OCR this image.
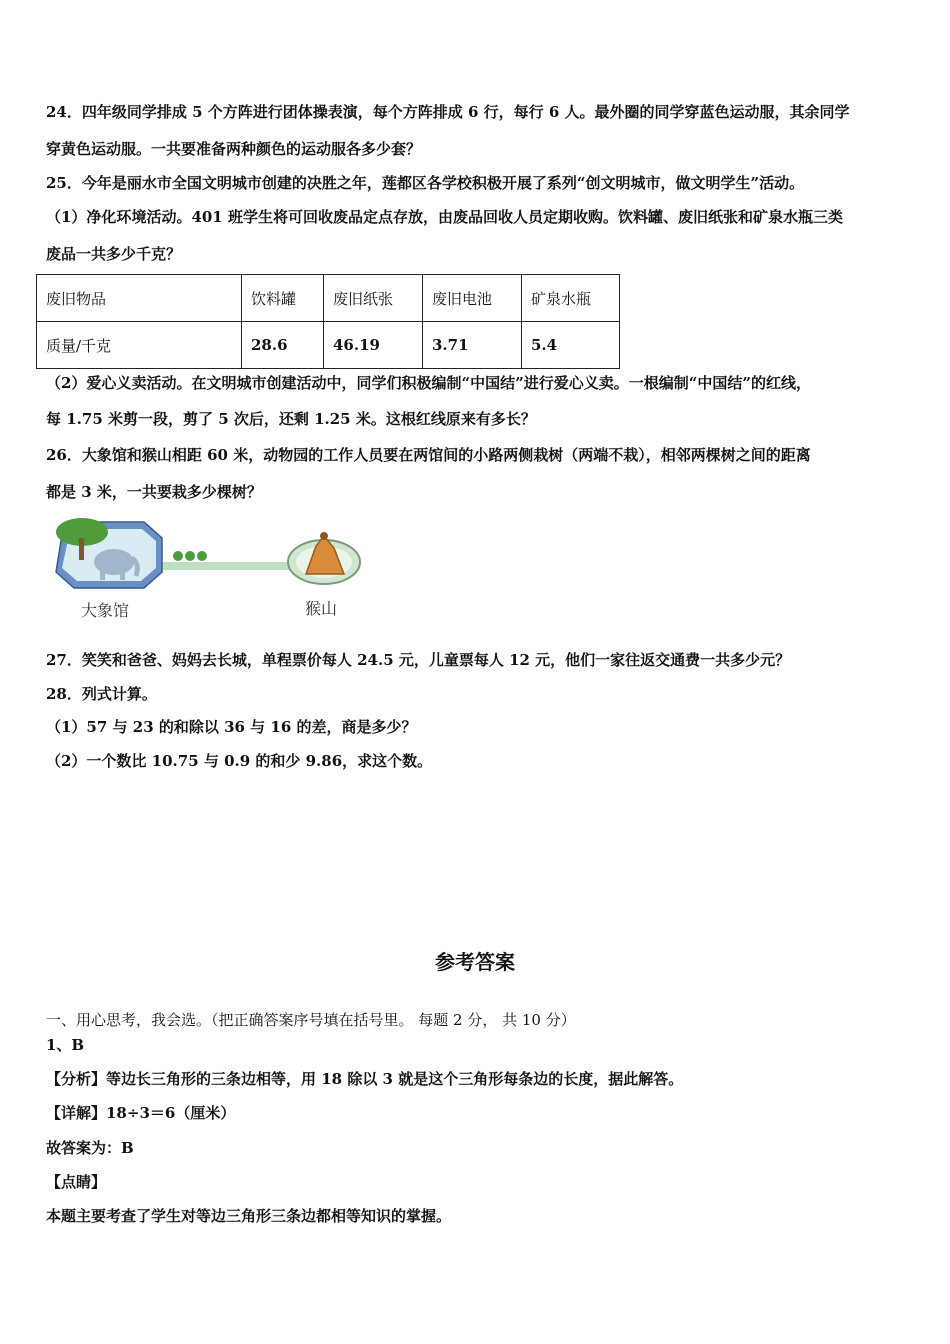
24．四年级同学排成 5 个方阵进行团体操表演，每个方阵排成 6 行，每行 6 人。最外圈的同学穿蓝色运动服，其余同学
穿黄色运动服。一共要准备两种颜色的运动服各多少套？
25．今年是丽水市全国文明城市创建的决胜之年，莲都区各学校积极开展了系列“创文明城市，做文明学生”活动。
（1）净化环境活动。401 班学生将可回收废品定点存放，由废品回收人员定期收购。饮料罐、废旧纸张和矿泉水瓶三类
废品一共多少千克？
废旧物品	饮料罐	废旧纸张	废旧电池	矿泉水瓶
质量/千克	28.6	46.19	3.71	5.4
（2）爱心义卖活动。在文明城市创建活动中，同学们积极编制“中国结”进行爱心义卖。一根编制“中国结”的红线，
每 1.75 米剪一段，剪了 5 次后，还剩 1.25 米。这根红线原来有多长？
26．大象馆和猴山相距 60 米，动物园的工作人员要在两馆间的小路两侧栽树（两端不栽），相邻两棵树之间的距离
都是 3 米，一共要栽多少棵树？
大象馆	猴山
27．笑笑和爸爸、妈妈去长城，单程票价每人 24.5 元，儿童票每人 12 元，他们一家往返交通费一共多少元？
28．列式计算。
（1）57 与 23 的和除以 36 与 16 的差，商是多少？
（2）一个数比 10.75 与 0.9 的和少 9.86，求这个数。
参考答案
一、用心思考，我会选。（把正确答案序号填在括号里。 每题 2 分， 共 10 分）
1、B
【分析】等边长三角形的三条边相等，用 18 除以 3 就是这个三角形每条边的长度，据此解答。
【详解】18÷3＝6（厘米）
故答案为：B
【点睛】
本题主要考查了学生对等边三角形三条边都相等知识的掌握。
